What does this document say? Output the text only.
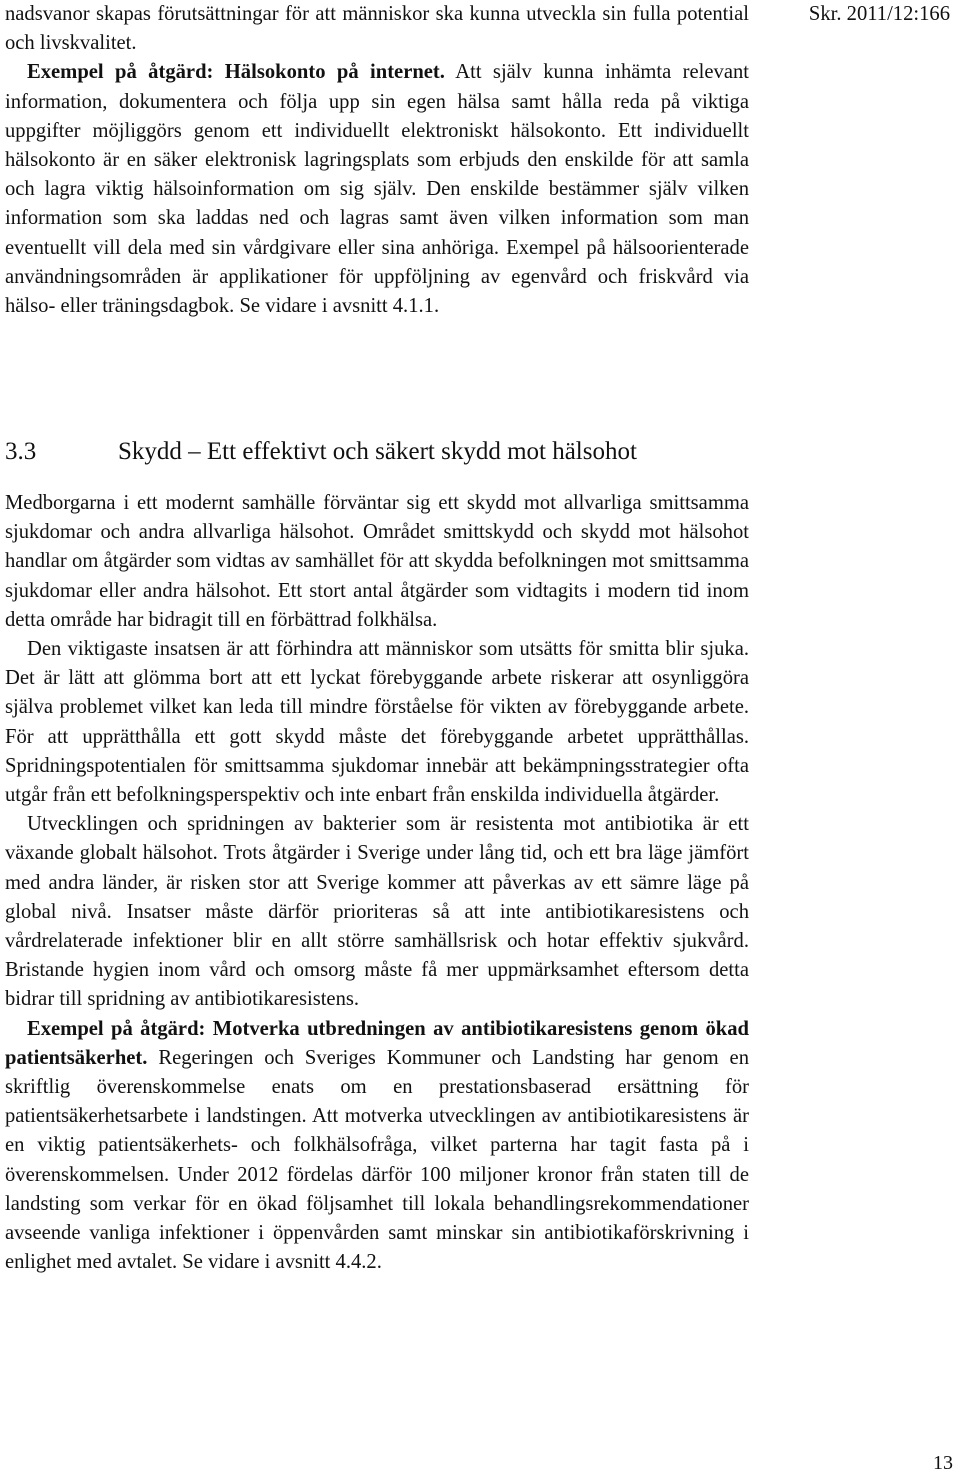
Skr. 2011/12:166

nadsvanor skapas förutsättningar för att människor ska kunna utveckla sin fulla potential och livskvalitet.

Exempel på åtgärd: Hälsokonto på internet. Att själv kunna inhämta relevant information, dokumentera och följa upp sin egen hälsa samt hålla reda på viktiga uppgifter möjliggörs genom ett individuellt elektroniskt hälsokonto. Ett individuellt hälsokonto är en säker elektronisk lagringsplats som erbjuds den enskilde för att samla och lagra viktig hälsoinformation om sig själv. Den enskilde bestämmer själv vilken information som ska laddas ned och lagras samt även vilken information som man eventuellt vill dela med sin vårdgivare eller sina anhöriga. Exempel på hälsoorienterade användningsområden är applikationer för uppföljning av egenvård och friskvård via hälso- eller träningsdagbok. Se vidare i avsnitt 4.1.1.

3.3	Skydd – Ett effektivt och säkert skydd mot hälsohot

Medborgarna i ett modernt samhälle förväntar sig ett skydd mot allvarliga smittsamma sjukdomar och andra allvarliga hälsohot. Området smittskydd och skydd mot hälsohot handlar om åtgärder som vidtas av samhället för att skydda befolkningen mot smittsamma sjukdomar eller andra hälsohot. Ett stort antal åtgärder som vidtagits i modern tid inom detta område har bidragit till en förbättrad folkhälsa.

Den viktigaste insatsen är att förhindra att människor som utsätts för smitta blir sjuka. Det är lätt att glömma bort att ett lyckat förebyggande arbete riskerar att osynliggöra själva problemet vilket kan leda till mindre förståelse för vikten av förebyggande arbete. För att upprätthålla ett gott skydd måste det förebyggande arbetet upprätthållas. Spridningspotentialen för smittsamma sjukdomar innebär att bekämpningsstrategier ofta utgår från ett befolkningsperspektiv och inte enbart från enskilda individuella åtgärder.

Utvecklingen och spridningen av bakterier som är resistenta mot antibiotika är ett växande globalt hälsohot. Trots åtgärder i Sverige under lång tid, och ett bra läge jämfört med andra länder, är risken stor att Sverige kommer att påverkas av ett sämre läge på global nivå. Insatser måste därför prioriteras så att inte antibiotikaresistens och vårdrelaterade infektioner blir en allt större samhällsrisk och hotar effektiv sjukvård. Bristande hygien inom vård och omsorg måste få mer uppmärksamhet eftersom detta bidrar till spridning av antibiotikaresistens.

Exempel på åtgärd: Motverka utbredningen av antibiotikaresistens genom ökad patientsäkerhet. Regeringen och Sveriges Kommuner och Landsting har genom en skriftlig överenskommelse enats om en prestationsbaserad ersättning för patientsäkerhetsarbete i landstingen. Att motverka utvecklingen av antibiotikaresistens är en viktig patientsäkerhets- och folkhälsofråga, vilket parterna har tagit fasta på i överenskommelsen. Under 2012 fördelas därför 100 miljoner kronor från staten till de landsting som verkar för en ökad följsamhet till lokala behandlingsrekommendationer avseende vanliga infektioner i öppenvården samt minskar sin antibiotikaförskrivning i enlighet med avtalet. Se vidare i avsnitt 4.4.2.

13
